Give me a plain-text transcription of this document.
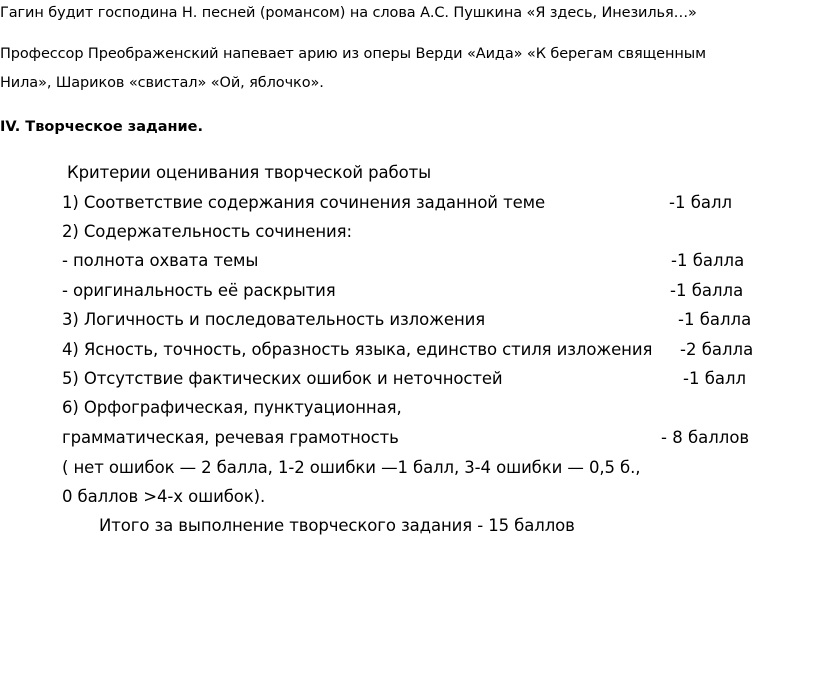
Гагин будит господина Н. песней (романсом) на слова А.С. Пушкина «Я здесь, Инезилья…»
Профессор Преображенский напевает арию из оперы Верди «Аида» «К берегам священным
Нила», Шариков «свистал» «Ой, яблочко».
IV. Творческое задание.
Критерии оценивания творческой работы
1) Соответствие содержания сочинения заданной теме	-1 балл
2) Содержательность сочинения:
- полнота охвата темы	-1 балла
- оригинальность её раскрытия	-1 балла
3) Логичность и последовательность изложения	-1 балла
4) Ясность, точность, образность языка, единство стиля изложения -2 балла
5) Отсутствие фактических ошибок и неточностей	-1 балл
6) Орфографическая, пунктуационная,
грамматическая, речевая грамотность	- 8 баллов
( нет ошибок — 2 балла, 1-2 ошибки —1 балл, 3-4 ошибки — 0,5 б.,
0 баллов >4-х ошибок).
Итого за выполнение творческого задания - 15 баллов
